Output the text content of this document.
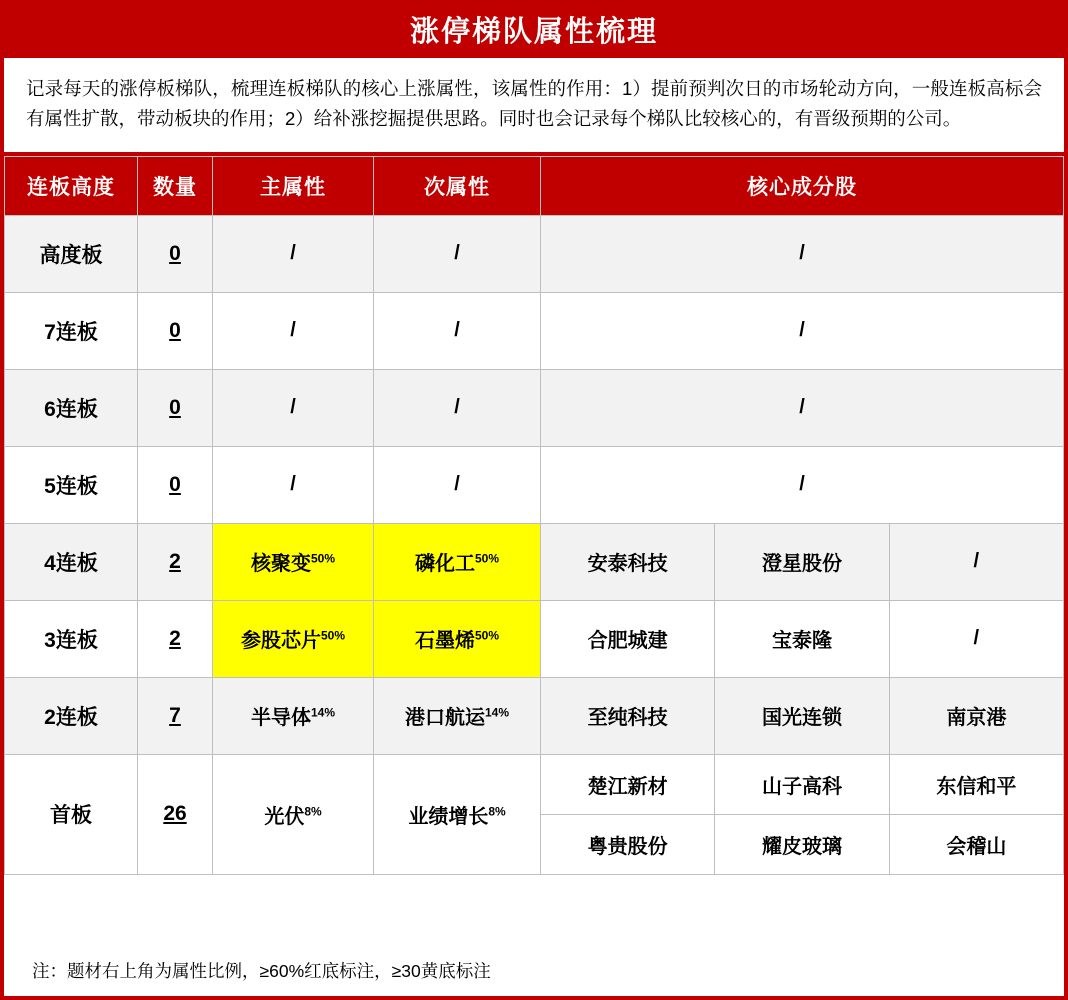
涨停梯队属性梳理
记录每天的涨停板梯队，梳理连板梯队的核心上涨属性，该属性的作用：1）提前预判次日的市场轮动方向，一般连板高标会有属性扩散，带动板块的作用；2）给补涨挖掘提供思路。同时也会记录每个梯队比较核心的，有晋级预期的公司。
连板高度	数量	主属性	次属性	核心成分股		
高度板	0	/	/	/		
7连板	0	/	/	/		
6连板	0	/	/	/		
5连板	0	/	/	/		
4连板	2	核聚变$^{50\%}$	磷化工$^{50\%}$	安泰科技	澄星股份	/
3连板	2	参股芯片$^{50\%}$	石墨烯$^{50\%}$	合肥城建	宝泰隆	/
2连板	7	半导体$^{14\%}$	港口航运$^{14\%}$	至纯科技	国光连锁	南京港
首板	26	光伏$^{8\%}$	业绩增长$^{8\%}$	楚江新材	山子高科	东信和平
				粤贵股份	耀皮玻璃	会稽山
注：题材右上角为属性比例，≥60%红底标注，≥30黄底标注
